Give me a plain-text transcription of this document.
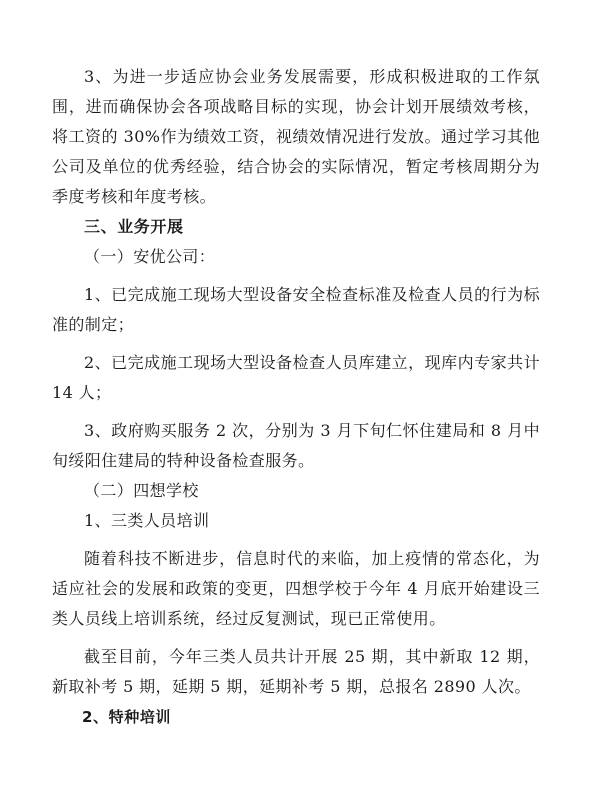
3、为进一步适应协会业务发展需要，形成积极进取的工作氛围，进而确保协会各项战略目标的实现，协会计划开展绩效考核，将工资的 30%作为绩效工资，视绩效情况进行发放。通过学习其他公司及单位的优秀经验，结合协会的实际情况，暂定考核周期分为季度考核和年度考核。

三、业务开展

（一）安优公司：

1、已完成施工现场大型设备安全检查标准及检查人员的行为标准的制定；

2、已完成施工现场大型设备检查人员库建立，现库内专家共计 14 人；

3、政府购买服务 2 次，分别为 3 月下旬仁怀住建局和 8 月中旬绥阳住建局的特种设备检查服务。

（二）四想学校

1、三类人员培训

随着科技不断进步，信息时代的来临，加上疫情的常态化，为适应社会的发展和政策的变更，四想学校于今年 4 月底开始建设三类人员线上培训系统，经过反复测试，现已正常使用。

截至目前，今年三类人员共计开展 25 期，其中新取 12 期，新取补考 5 期，延期 5 期，延期补考 5 期，总报名 2890 人次。

2、特种培训
